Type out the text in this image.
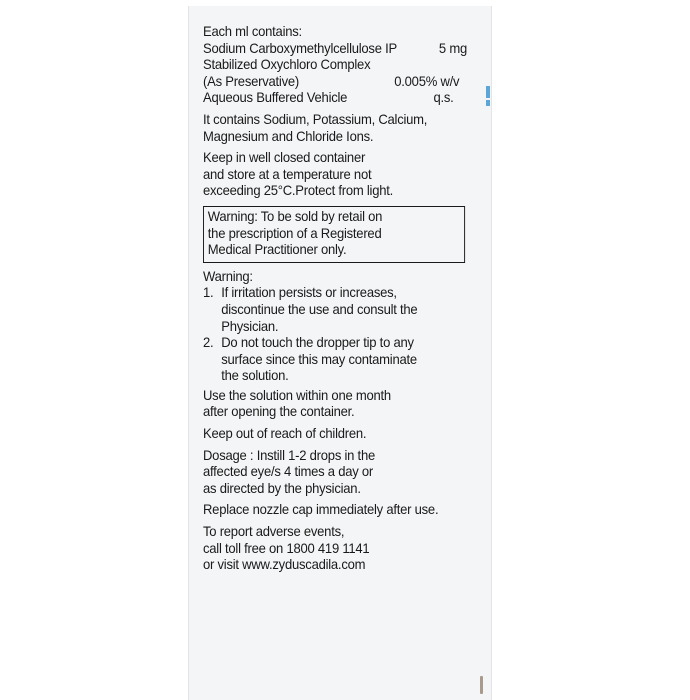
Each ml contains:
Sodium Carboxymethylcellulose IP	5 mg
Stabilized Oxychloro Complex
(As Preservative)	0.005% w/v
Aqueous Buffered Vehicle	q.s.
It contains Sodium, Potassium, Calcium,
Magnesium and Chloride Ions.
Keep in well closed container
and store at a temperature not
exceeding 25°C.Protect from light.
Warning: To be sold by retail on
the prescription of a Registered
Medical Practitioner only.
Warning:
1. If irritation persists or increases,
discontinue the use and consult the
Physician.
2. Do not touch the dropper tip to any
surface since this may contaminate
the solution.
Use the solution within one month
after opening the container.
Keep out of reach of children.
Dosage : Instill 1-2 drops in the
affected eye/s 4 times a day or
as directed by the physician.
Replace nozzle cap immediately after use.
To report adverse events,
call toll free on 1800 419 1141
or visit www.zyduscadila.com
